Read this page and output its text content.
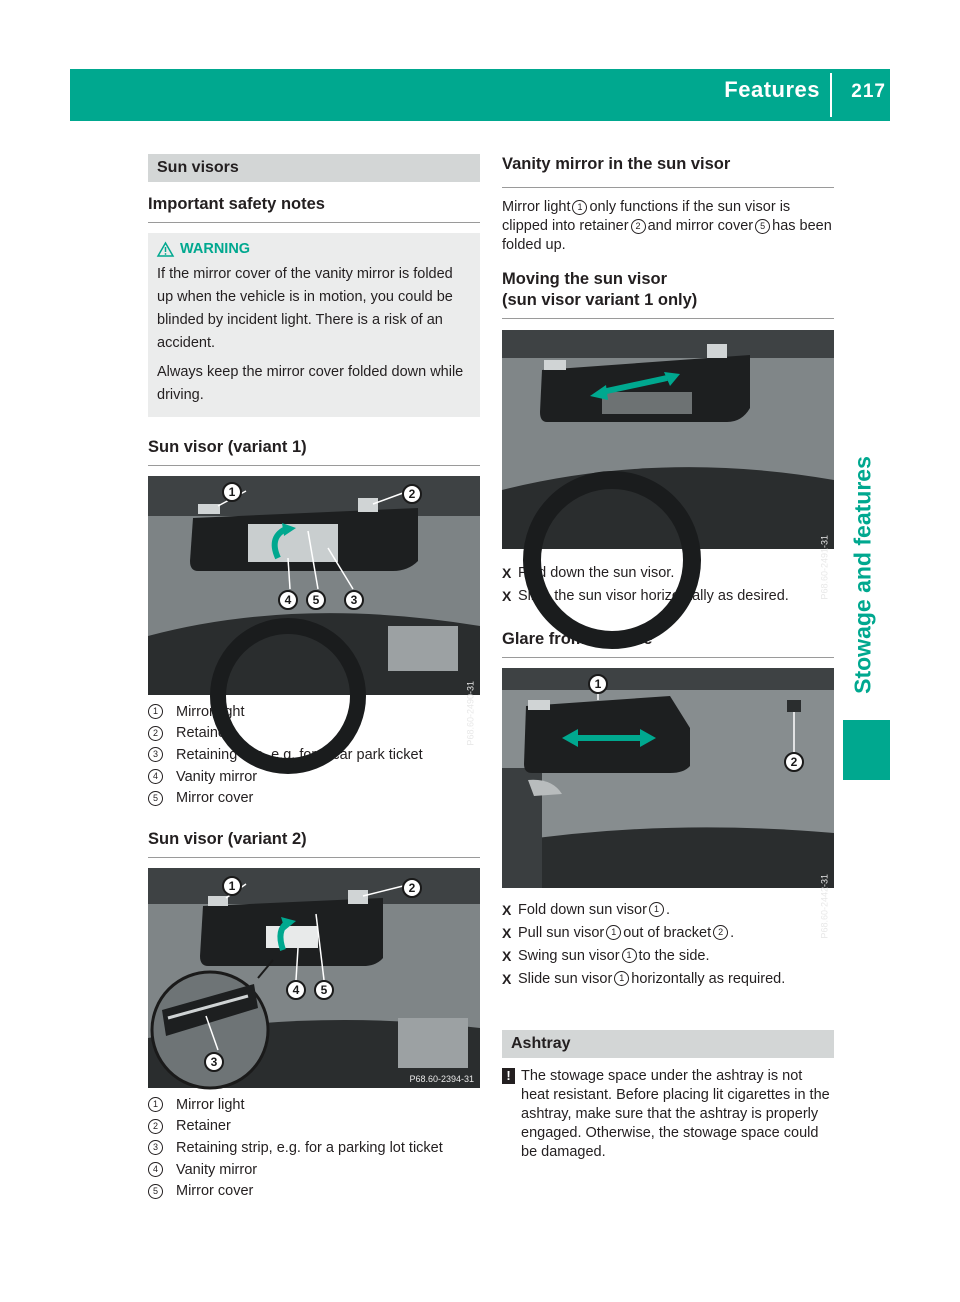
Features 217
Stowage and features
Sun visors
Important safety notes
WARNING

If the mirror cover of the vanity mirror is folded up when the vehicle is in motion, you could be blinded by incident light. There is a risk of an accident.

Always keep the mirror cover folded down while driving.

Sun visor (variant 1)
1	2
4	5	3
P68.60-2490-31
1	Mirror light
2	Retainer
3	Retaining clip, e.g. for a car park ticket
4	Vanity mirror
5	Mirror cover
Sun visor (variant 2)
1	2
4	5
3
P68.60-2394-31
1	Mirror light
2	Retainer
3	Retaining strip, e.g. for a parking lot ticket
4	Vanity mirror
5	Mirror cover
Vanity mirror in the sun visor

Mirror light 1 only functions if the sun visor is clipped into retainer 2 and mirror cover 5 has been folded up.

Moving the sun visor
(sun visor variant 1 only)
P68.60-2491-31
X Fold down the sun visor.
X Slide the sun visor horizontally as desired.
Glare from the side
1
2
P68.60-2442-31
X Fold down sun visor 1 .
X Pull sun visor 1 out of bracket 2 .
X Swing sun visor 1 to the side.
X Slide sun visor 1 horizontally as required.
Ashtray
! The stowage space under the ashtray is not heat resistant. Before placing lit cigarettes in the ashtray, make sure that the ashtray is properly engaged. Otherwise, the stowage space could be damaged.
